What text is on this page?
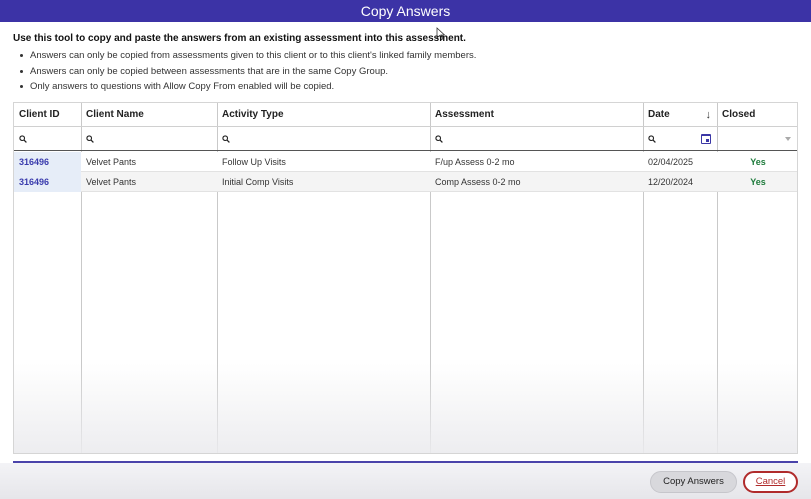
Copy Answers
Use this tool to copy and paste the answers from an existing assessment into this assessment.
Answers can only be copied from assessments given to this client or to this client's linked family members.
Answers can only be copied between assessments that are in the same Copy Group.
Only answers to questions with Allow Copy From enabled will be copied.
Client ID	Client Name	Activity Type	Assessment	Date	↓	Closed
316496	Velvet Pants	Follow Up Visits	F/up Assess 0-2 mo	02/04/2025	Yes
316496	Velvet Pants	Initial Comp Visits	Comp Assess 0-2 mo	12/20/2024	Yes
Copy Answers	Cancel
